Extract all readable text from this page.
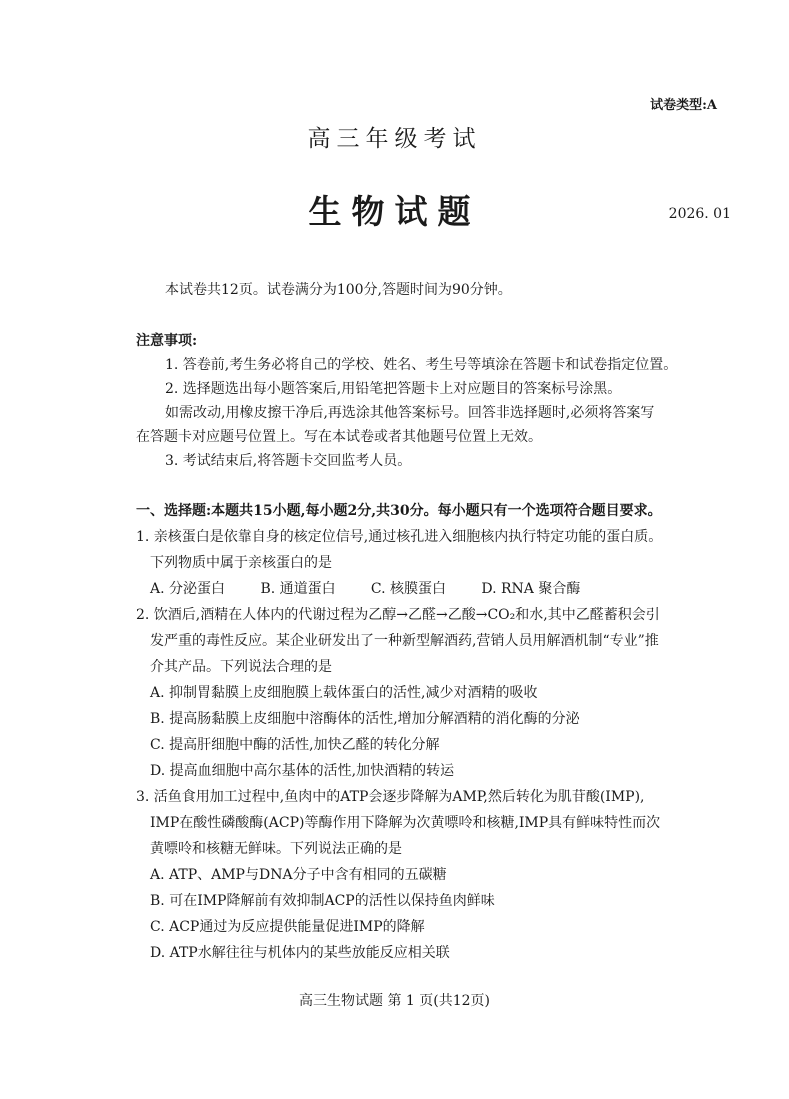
试卷类型:A
高三年级考试
生物试题	2026. 01
本试卷共12页。试卷满分为100分,答题时间为90分钟。
注意事项:
1. 答卷前,考生务必将自己的学校、姓名、考生号等填涂在答题卡和试卷指定位置。
2. 选择题选出每小题答案后,用铅笔把答题卡上对应题目的答案标号涂黑。
如需改动,用橡皮擦干净后,再选涂其他答案标号。回答非选择题时,必须将答案写
在答题卡对应题号位置上。写在本试卷或者其他题号位置上无效。
3. 考试结束后,将答题卡交回监考人员。
一、选择题:本题共15小题,每小题2分,共30分。每小题只有一个选项符合题目要求。
1. 亲核蛋白是依靠自身的核定位信号,通过核孔进入细胞核内执行特定功能的蛋白质。
下列物质中属于亲核蛋白的是
A. 分泌蛋白	B. 通道蛋白	C. 核膜蛋白	D. RNA 聚合酶
2. 饮酒后,酒精在人体内的代谢过程为乙醇→乙醛→乙酸→CO₂和水,其中乙醛蓄积会引
发严重的毒性反应。某企业研发出了一种新型解酒药,营销人员用解酒机制“专业”推
介其产品。下列说法合理的是
A. 抑制胃黏膜上皮细胞膜上载体蛋白的活性,减少对酒精的吸收
B. 提高肠黏膜上皮细胞中溶酶体的活性,增加分解酒精的消化酶的分泌
C. 提高肝细胞中酶的活性,加快乙醛的转化分解
D. 提高血细胞中高尔基体的活性,加快酒精的转运
3. 活鱼食用加工过程中,鱼肉中的ATP会逐步降解为AMP,然后转化为肌苷酸(IMP),
IMP在酸性磷酸酶(ACP)等酶作用下降解为次黄嘌呤和核糖,IMP具有鲜味特性而次
黄嘌呤和核糖无鲜味。下列说法正确的是
A. ATP、AMP与DNA分子中含有相同的五碳糖
B. 可在IMP降解前有效抑制ACP的活性以保持鱼肉鲜味
C. ACP通过为反应提供能量促进IMP的降解
D. ATP水解往往与机体内的某些放能反应相关联
高三生物试题 第 1 页(共12页)
